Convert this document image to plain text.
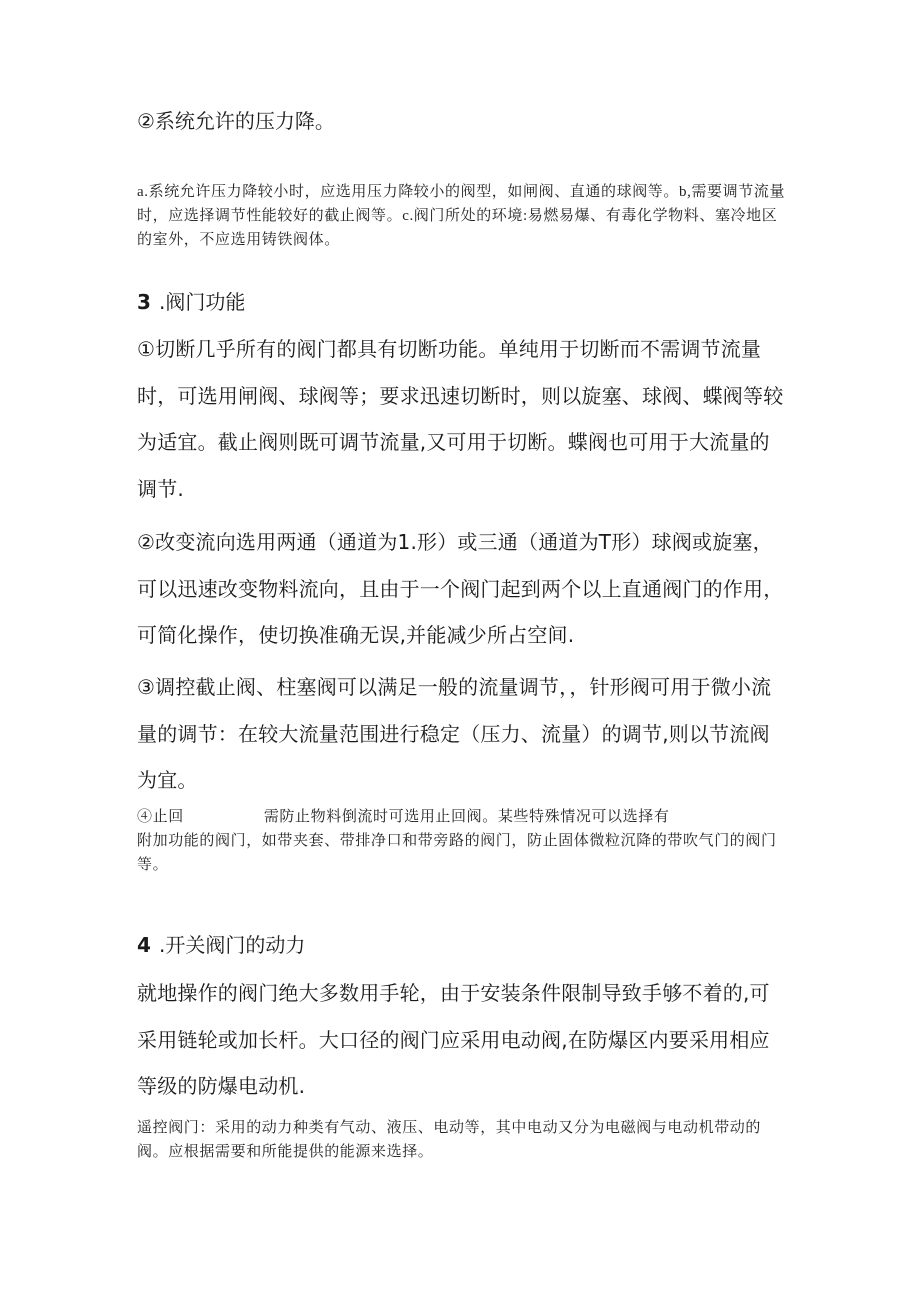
②系统允许的压力降。

a.系统允许压力降较小时，应选用压力降较小的阀型，如闸阀、直通的球阀等。b,需要调节流量时，应选择调节性能较好的截止阀等。c.阀门所处的环境:易燃易爆、有毒化学物料、塞冷地区的室外，不应选用铸铁阀体。

3 .阀门功能

①切断几乎所有的阀门都具有切断功能。单纯用于切断而不需调节流量时，可选用闸阀、球阀等；要求迅速切断时，则以旋塞、球阀、蝶阀等较为适宜。截止阀则既可调节流量,又可用于切断。蝶阀也可用于大流量的调节.

②改变流向选用两通（通道为1.形）或三通（通道为T形）球阀或旋塞，可以迅速改变物料流向，且由于一个阀门起到两个以上直通阀门的作用，可简化操作，使切换准确无误,并能减少所占空间.

③调控截止阀、柱塞阀可以满足一般的流量调节，，针形阀可用于微小流量的调节：在较大流量范围进行稳定（压力、流量）的调节,则以节流阀为宜。

④止回	需防止物料倒流时可选用止回阀。某些特殊情况可以选择有
附加功能的阀门，如带夹套、带排净口和带旁路的阀门，防止固体微粒沉降的带吹气门的阀门等。

4 .开关阀门的动力

就地操作的阀门绝大多数用手轮，由于安装条件限制导致手够不着的,可采用链轮或加长杆。大口径的阀门应采用电动阀,在防爆区内要采用相应等级的防爆电动机.

遥控阀门：采用的动力种类有气动、液压、电动等，其中电动又分为电磁阀与电动机带动的阀。应根据需要和所能提供的能源来选择。
